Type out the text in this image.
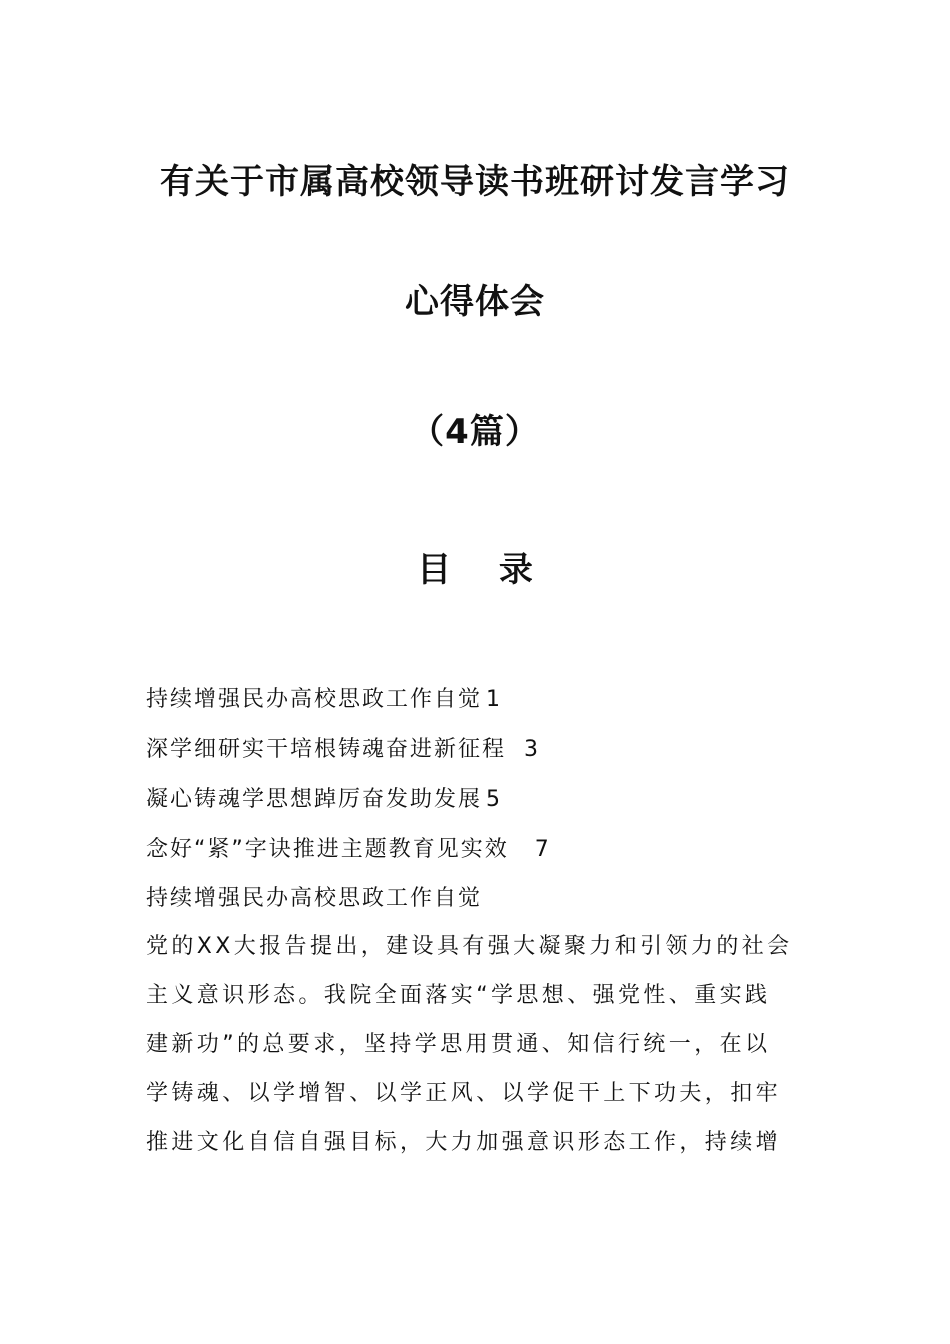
有关于市属高校领导读书班研讨发言学习
心得体会
（4篇）
目 录
持续增强民办高校思政工作自觉 1
深学细研实干培根铸魂奋进新征程 3
凝心铸魂学思想踔厉奋发助发展 5
念好“紧”字诀推进主题教育见实效 7
持续增强民办高校思政工作自觉
党的XX大报告提出，建设具有强大凝聚力和引领力的社会
主义意识形态。我院全面落实“学思想、强党性、重实践
建新功”的总要求，坚持学思用贯通、知信行统一，在以
学铸魂、以学增智、以学正风、以学促干上下功夫，扣牢
推进文化自信自强目标，大力加强意识形态工作，持续增
